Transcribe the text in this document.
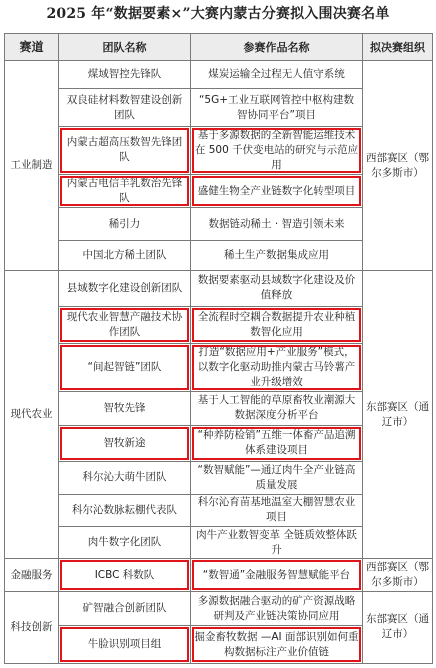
2025 年“数据要素×”大赛内蒙古分赛拟入围决赛名单
赛道	团队名称	参赛作品名称	拟决赛组织
工业制造	煤域智控先锋队	煤炭运输全过程无人值守系统	西部赛区（鄂尔多斯市）
	双良硅材料数智建设创新团队	“5G+工业互联网管控中枢构建数智协同平台”项目	
	内蒙古超高压数智先锋团队	基于多源数据的全新智能运维技术在 500 千伏变电站的研究与示范应用	
	内蒙古电信羊乳数治先锋队	盛健生物全产业链数字化转型项目	
	稀引力	数据链动稀土 · 智造引领未来	
	中国北方稀土团队	稀土生产数据集成应用	
现代农业	县域数字化建设创新团队	数据要素驱动县域数字化建设及价值释放	东部赛区（通辽市）
	现代农业智慧产融技术协作团队	全流程时空耦合数据提升农业种植数智化应用	
	“间起智链”团队	打造“数据应用+产业服务”模式，以数字化驱动助推内蒙古马铃薯产业升级增效	
	智牧先锋	基于人工智能的草原畜牧业潮源大数据深度分析平台	
	智牧新途	“种养防检销”五维一体畜产品追溯体系建设项目	
	科尔沁大萌牛团队	“数智赋能”—通辽肉牛全产业链高质量发展	
	科尔沁数脉耘棚代表队	科尔沁育苗基地温室大棚智慧农业项目	
	肉牛数字化团队	肉牛产业数智变革 全链质效整体跃升	
金融服务	ICBC 科数队	“数智通”金融服务智慧赋能平台	西部赛区（鄂尔多斯市）
科技创新	矿智融合创新团队	多源数据融合驱动的矿产资源战略研判及产业链决策协同应用	东部赛区（通辽市）
	牛脸识别项目组	掘金畜牧数据 —AI 面部识别如何重构数据标注产业价值链	
